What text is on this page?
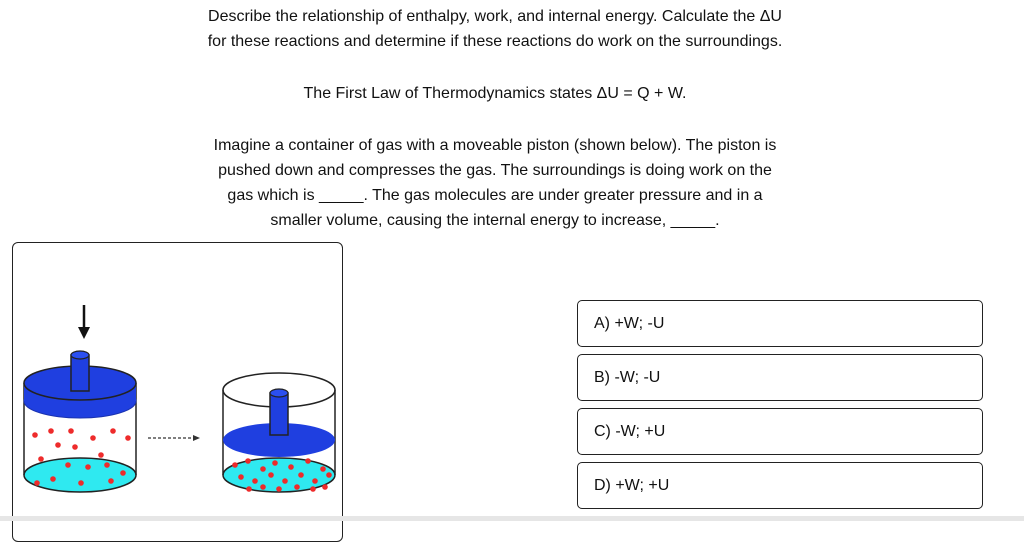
Describe the relationship of enthalpy, work, and internal energy. Calculate the ΔU
for these reactions and determine if these reactions do work on the surroundings.

The First Law of Thermodynamics states ΔU = Q + W.

Imagine a container of gas with a moveable piston (shown below). The piston is
pushed down and compresses the gas. The surroundings is doing work on the
gas which is _____. The gas molecules are under greater pressure and in a
smaller volume, causing the internal energy to increase, _____.

A) +W; -U
B) -W; -U
C) -W; +U
D) +W; +U
